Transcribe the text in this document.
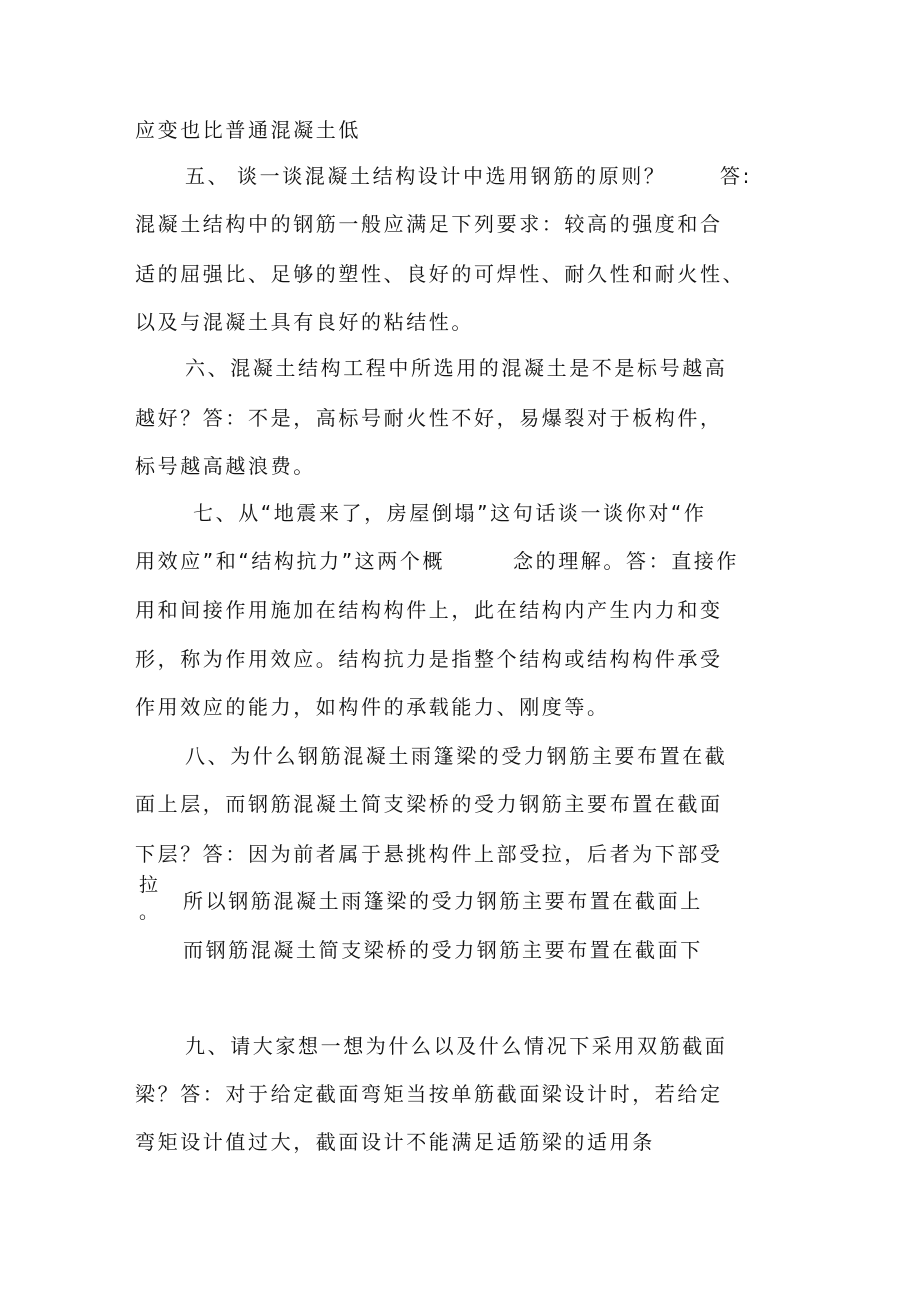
应变也比普通混凝土低
五、 谈一谈混凝土结构设计中选用钢筋的原则？	答:
混凝土结构中的钢筋一般应满足下列要求：较高的强度和合
适的屈强比、足够的塑性、良好的可焊性、耐久性和耐火性、
以及与混凝土具有良好的粘结性。
六、混凝土结构工程中所选用的混凝土是不是标号越高
越好？答：不是，高标号耐火性不好，易爆裂对于板构件，
标号越高越浪费。
七、从“地震来了，房屋倒塌”这句话谈一谈你对“作
用效应”和“结构抗力”这两个概	念的理解。答：直接作
用和间接作用施加在结构构件上，此在结构内产生内力和变
形，称为作用效应。结构抗力是指整个结构或结构构件承受
作用效应的能力，如构件的承载能力、刚度等。
八、为什么钢筋混凝土雨篷梁的受力钢筋主要布置在截
面上层，而钢筋混凝土简支梁桥的受力钢筋主要布置在截面
下层？答：因为前者属于悬挑构件上部受拉，后者为下部受
拉
。 所以钢筋混凝土雨篷梁的受力钢筋主要布置在截面上
而钢筋混凝土简支梁桥的受力钢筋主要布置在截面下
九、请大家想一想为什么以及什么情况下采用双筋截面
梁？答：对于给定截面弯矩当按单筋截面梁设计时，若给定
弯矩设计值过大，截面设计不能满足适筋梁的适用条
